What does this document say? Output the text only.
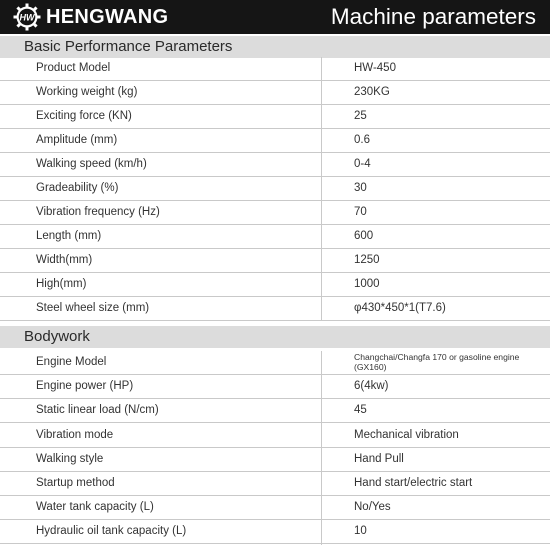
HW HENGWANG	Machine parameters
Basic Performance Parameters
Product Model	HW-450
Working weight (kg)	230KG
Exciting force (KN)	25
Amplitude (mm)	0.6
Walking speed (km/h)	0-4
Gradeability (%)	30
Vibration frequency (Hz)	70
Length (mm)	600
Width(mm)	1250
High(mm)	1000
Steel wheel size (mm)	φ430*450*1(T7.6)
Bodywork
Engine Model	Changchai/Changfa 170 or gasoline engine (GX160)
Engine power (HP)	6(4kw)
Static linear load (N/cm)	45
Vibration mode	Mechanical vibration
Walking style	Hand Pull
Startup method	Hand start/electric start
Water tank capacity (L)	No/Yes
Hydraulic oil tank capacity (L)	10
